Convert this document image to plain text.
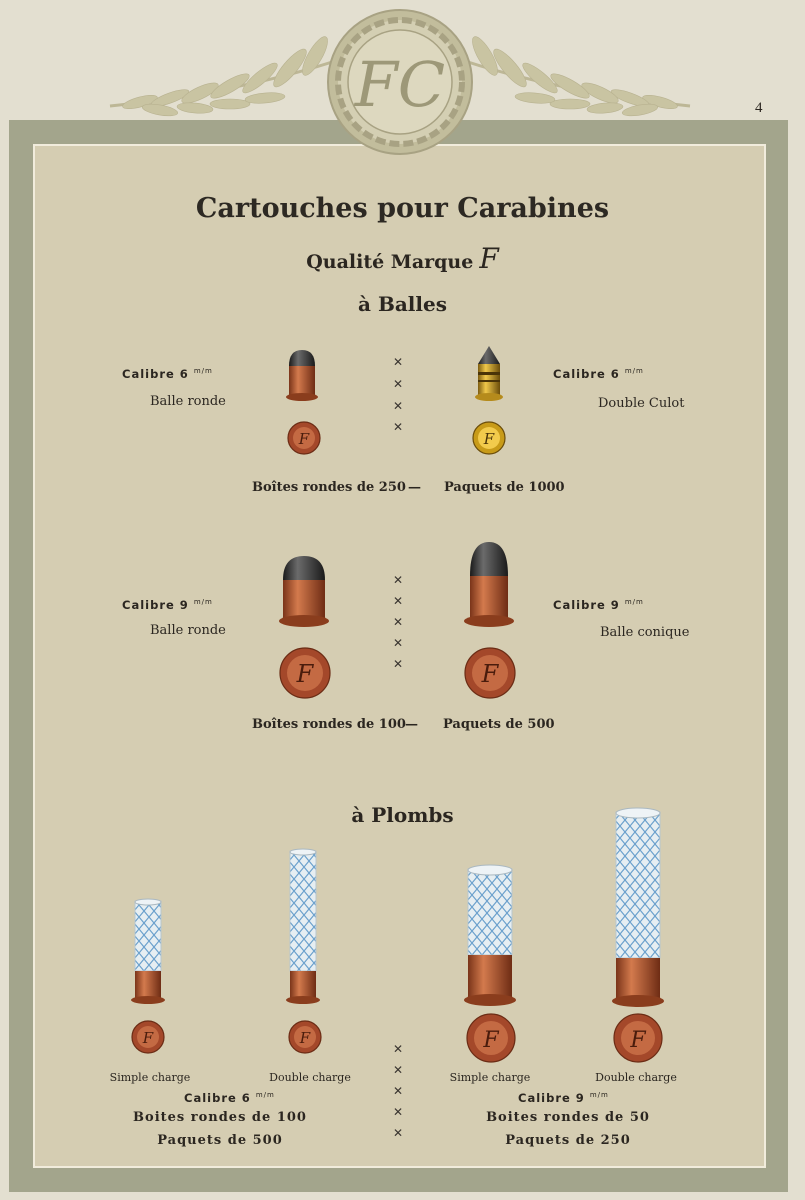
4
FC
Cartouches pour Carabines
Qualité Marque F
à Balles
Calibre 6 $^{m/m}$
Balle ronde
Calibre 6 $^{m/m}$
Double Culot
Boîtes rondes de 250 — Paquets de 1000
Calibre 9 $^{m/m}$
Balle ronde
Calibre 9 $^{m/m}$
Balle conique
Boîtes rondes de 100 — Paquets de 500
à Plombs
Simple charge	Double charge	Simple charge	Double charge
Calibre 6 $^{m/m}$	Calibre 9 $^{m/m}$
Boites rondes de 100
Paquets de 500
Boites rondes de 50
Paquets de 250
✕
✕
✕
✕
✕
✕
✕
✕
✕
✕
✕
✕
✕
✕
F	F
F	F
F	F	F	F
